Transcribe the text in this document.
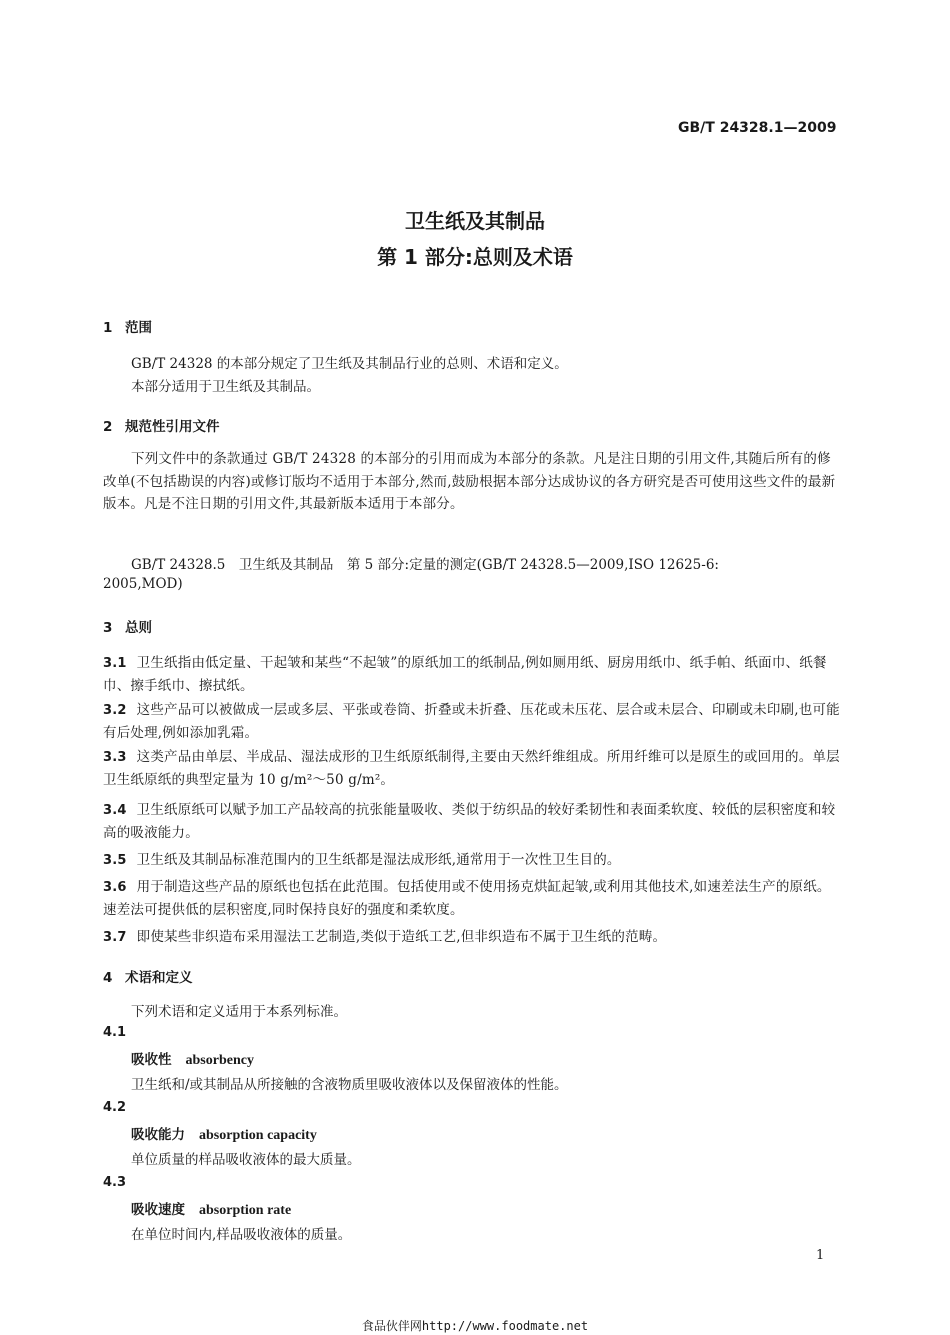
GB/T 24328.1—2009
卫生纸及其制品
第 1 部分:总则及术语
1 范围
GB/T 24328 的本部分规定了卫生纸及其制品行业的总则、术语和定义。
本部分适用于卫生纸及其制品。
2 规范性引用文件
下列文件中的条款通过 GB/T 24328 的本部分的引用而成为本部分的条款。凡是注日期的引用文件,其随后所有的修改单(不包括勘误的内容)或修订版均不适用于本部分,然而,鼓励根据本部分达成协议的各方研究是否可使用这些文件的最新版本。凡是不注日期的引用文件,其最新版本适用于本部分。
GB/T 24328.5　卫生纸及其制品　第 5 部分:定量的测定(GB/T 24328.5—2009,ISO 12625-6:
2005,MOD)
3 总则
3.1 卫生纸指由低定量、干起皱和某些“不起皱”的原纸加工的纸制品,例如厕用纸、厨房用纸巾、纸手帕、纸面巾、纸餐巾、擦手纸巾、擦拭纸。
3.2 这些产品可以被做成一层或多层、平张或卷筒、折叠或未折叠、压花或未压花、层合或未层合、印刷或未印刷,也可能有后处理,例如添加乳霜。
3.3 这类产品由单层、半成品、湿法成形的卫生纸原纸制得,主要由天然纤维组成。所用纤维可以是原生的或回用的。单层卫生纸原纸的典型定量为 10 g/m²～50 g/m²。
3.4 卫生纸原纸可以赋予加工产品较高的抗张能量吸收、类似于纺织品的较好柔韧性和表面柔软度、较低的层积密度和较高的吸液能力。
3.5 卫生纸及其制品标准范围内的卫生纸都是湿法成形纸,通常用于一次性卫生目的。
3.6 用于制造这些产品的原纸也包括在此范围。包括使用或不使用扬克烘缸起皱,或利用其他技术,如速差法生产的原纸。速差法可提供低的层积密度,同时保持良好的强度和柔软度。
3.7 即使某些非织造布采用湿法工艺制造,类似于造纸工艺,但非织造布不属于卫生纸的范畴。
4 术语和定义
下列术语和定义适用于本系列标准。
4.1
吸收性 absorbency
卫生纸和/或其制品从所接触的含液物质里吸收液体以及保留液体的性能。
4.2
吸收能力 absorption capacity
单位质量的样品吸收液体的最大质量。
4.3
吸收速度 absorption rate
在单位时间内,样品吸收液体的质量。
1
食品伙伴网http://www.foodmate.net
